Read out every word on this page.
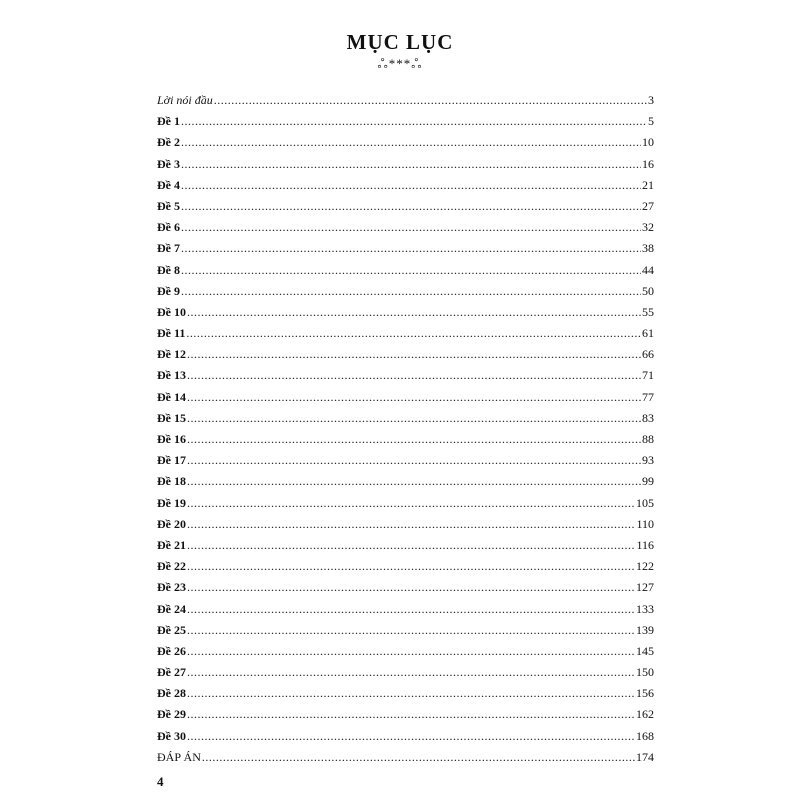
MỤC LỤC
ஃ***ஃ
Lời nói đầu .....	3
Đề 1 .....	5
Đề 2 .....	10
Đề 3 .....	16
Đề 4 .....	21
Đề 5 .....	27
Đề 6 .....	32
Đề 7 .....	38
Đề 8 .....	44
Đề 9 .....	50
Đề 10 .....	55
Đề 11 .....	61
Đề 12 .....	66
Đề 13 .....	71
Đề 14 .....	77
Đề 15 .....	83
Đề 16 .....	88
Đề 17 .....	93
Đề 18 .....	99
Đề 19 .....	105
Đề 20 .....	110
Đề 21 .....	116
Đề 22 .....	122
Đề 23 .....	127
Đề 24 .....	133
Đề 25 .....	139
Đề 26 .....	145
Đề 27 .....	150
Đề 28 .....	156
Đề 29 .....	162
Đề 30 .....	168
ĐÁP ÁN .....	174
4
